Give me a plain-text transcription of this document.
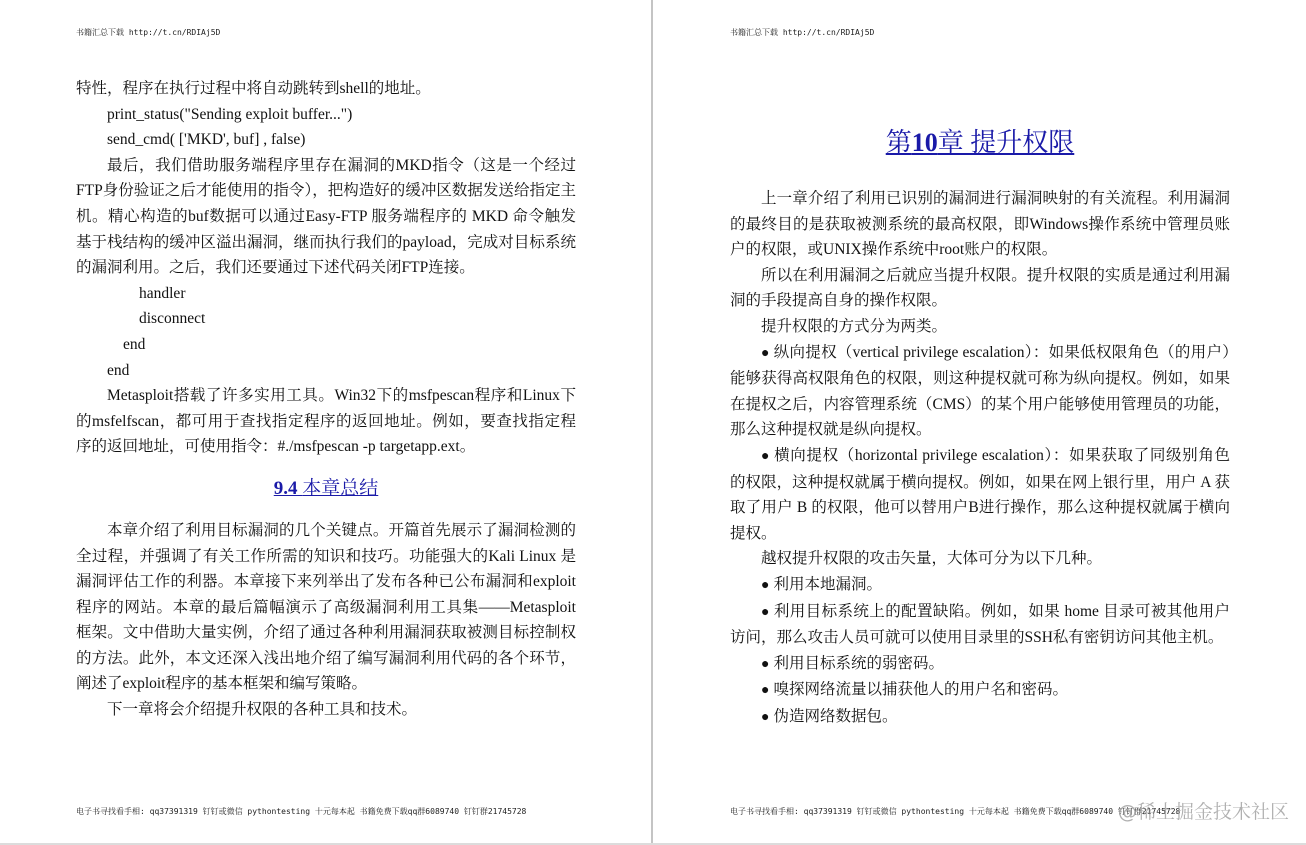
书籍汇总下载 http://t.cn/RDIAj5D

特性，程序在执行过程中将自动跳转到shell的地址。

print_status("Sending exploit buffer...")

send_cmd( ['MKD', buf] , false)

最后，我们借助服务端程序里存在漏洞的MKD指令（这是一个经过FTP身份验证之后才能使用的指令），把构造好的缓冲区数据发送给指定主机。精心构造的buf数据可以通过Easy-FTP 服务端程序的 MKD 命令触发基于栈结构的缓冲区溢出漏洞，继而执行我们的payload，完成对目标系统的漏洞利用。之后，我们还要通过下述代码关闭FTP连接。

handler

disconnect

end

end

Metasploit搭载了许多实用工具。Win32下的msfpescan程序和Linux下的msfelfscan，都可用于查找指定程序的返回地址。例如，要查找指定程序的返回地址，可使用指令：#./msfpescan -p targetapp.ext。

9.4 本章总结

本章介绍了利用目标漏洞的几个关键点。开篇首先展示了漏洞检测的全过程，并强调了有关工作所需的知识和技巧。功能强大的Kali Linux 是漏洞评估工作的利器。本章接下来列举出了发布各种已公布漏洞和exploit程序的网站。本章的最后篇幅演示了高级漏洞利用工具集——Metasploit框架。文中借助大量实例，介绍了通过各种利用漏洞获取被测目标控制权的方法。此外，本文还深入浅出地介绍了编写漏洞利用代码的各个环节，阐述了exploit程序的基本框架和编写策略。

下一章将会介绍提升权限的各种工具和技术。

电子书寻找看手相: qq37391319 钉钉或微信 pythontesting 十元每本起 书籍免费下载qq群6089740 钉钉群21745728
书籍汇总下载 http://t.cn/RDIAj5D
第10章 提升权限

上一章介绍了利用已识别的漏洞进行漏洞映射的有关流程。利用漏洞的最终目的是获取被测系统的最高权限，即Windows操作系统中管理员账户的权限，或UNIX操作系统中root账户的权限。

所以在利用漏洞之后就应当提升权限。提升权限的实质是通过利用漏洞的手段提高自身的操作权限。

提升权限的方式分为两类。

● 纵向提权（vertical privilege escalation）：如果低权限角色（的用户）能够获得高权限角色的权限，则这种提权就可称为纵向提权。例如，如果在提权之后，内容管理系统（CMS）的某个用户能够使用管理员的功能，那么这种提权就是纵向提权。

● 横向提权（horizontal privilege escalation）：如果获取了同级别角色的权限，这种提权就属于横向提权。例如，如果在网上银行里，用户 A 获取了用户 B 的权限，他可以替用户B进行操作，那么这种提权就属于横向提权。

越权提升权限的攻击矢量，大体可分为以下几种。

● 利用本地漏洞。

● 利用目标系统上的配置缺陷。例如，如果 home 目录可被其他用户访问，那么攻击人员可就可以使用目录里的SSH私有密钥访问其他主机。

● 利用目标系统的弱密码。

● 嗅探网络流量以捕获他人的用户名和密码。

● 伪造网络数据包。

电子书寻找看手相: qq37391319 钉钉或微信 pythontesting 十元每本起 书籍免费下载qq群6089740 钉钉群21745728
@稀土掘金技术社区
